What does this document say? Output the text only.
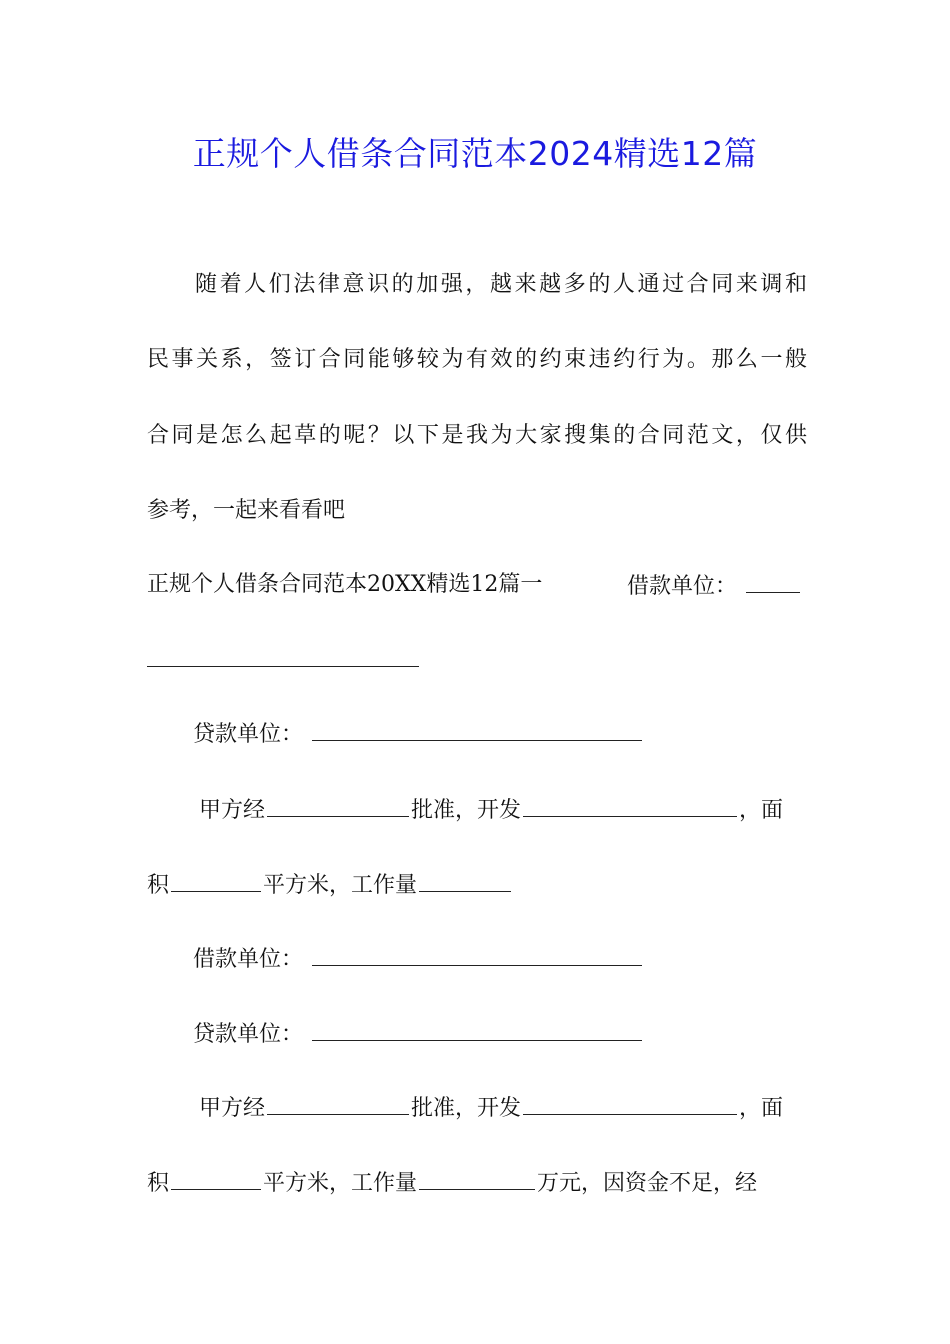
正规个人借条合同范本2024精选12篇
随着人们法律意识的加强，越来越多的人通过合同来调和
民事关系，签订合同能够较为有效的约束违约行为。那么一般
合同是怎么起草的呢？以下是我为大家搜集的合同范文，仅供
参考，一起来看看吧
正规个人借条合同范本20XX精选12篇一	借款单位：
贷款单位：
甲方经	批准，开发	，面
积	平方米，工作量
借款单位：
贷款单位：
甲方经	批准，开发	，面
积	平方米，工作量	万元，因资金不足，经
